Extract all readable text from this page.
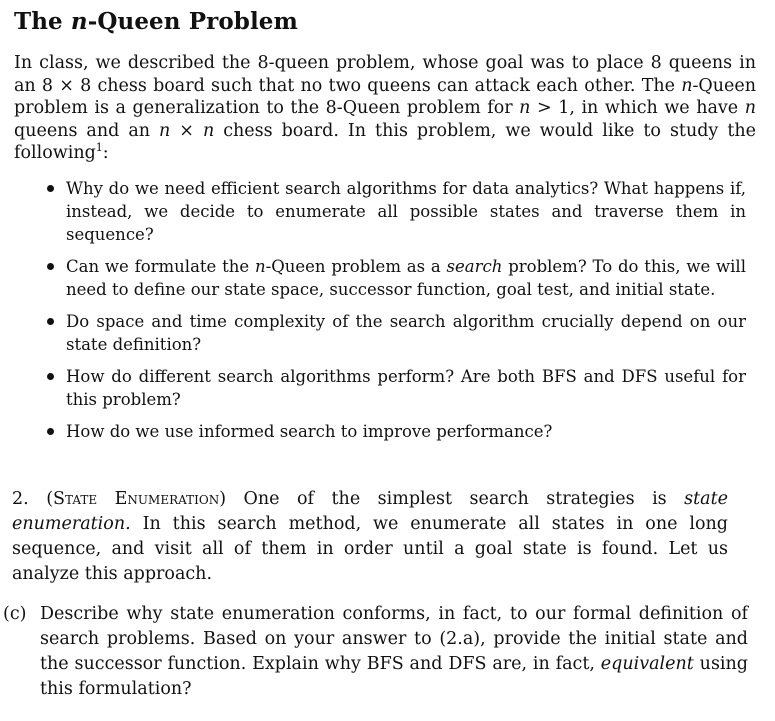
The n-Queen Problem
In class, we described the 8-queen problem, whose goal was to place 8 queens in an 8 × 8 chess board such that no two queens can attack each other. The n-Queen problem is a generalization to the 8-Queen problem for n > 1, in which we have n queens and an n × n chess board. In this problem, we would like to study the following$^1$:
Why do we need efficient search algorithms for data analytics? What happens if, instead, we decide to enumerate all possible states and traverse them in sequence?
Can we formulate the n-Queen problem as a search problem? To do this, we will need to define our state space, successor function, goal test, and initial state.
Do space and time complexity of the search algorithm crucially depend on our state definition?
How do different search algorithms perform? Are both BFS and DFS useful for this problem?
How do we use informed search to improve performance?
2. (State Enumeration) One of the simplest search strategies is state enumeration. In this search method, we enumerate all states in one long sequence, and visit all of them in order until a goal state is found. Let us analyze this approach.
(c) Describe why state enumeration conforms, in fact, to our formal definition of search problems. Based on your answer to (2.a), provide the initial state and the successor function. Explain why BFS and DFS are, in fact, equivalent using this formulation?
